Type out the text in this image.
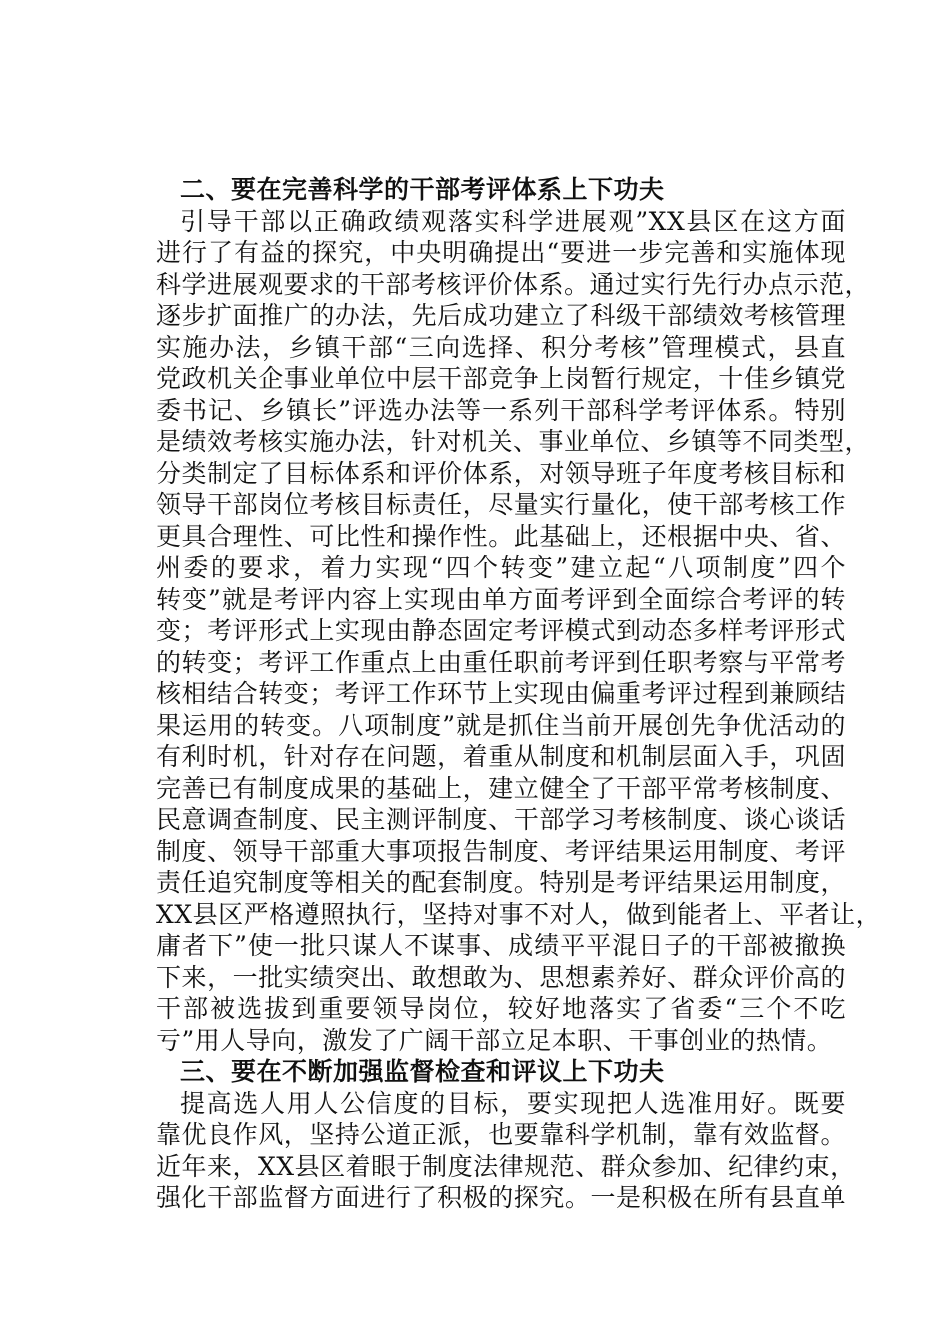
二、要在完善科学的干部考评体系上下功夫
引导干部以正确政绩观落实科学进展观”XX县区在这方面
进行了有益的探究，中央明确提出“要进一步完善和实施体现
科学进展观要求的干部考核评价体系。通过实行先行办点示范，
逐步扩面推广的办法，先后成功建立了科级干部绩效考核管理
实施办法，乡镇干部“三向选择、积分考核”管理模式，县直
党政机关企事业单位中层干部竞争上岗暂行规定，十佳乡镇党
委书记、乡镇长”评选办法等一系列干部科学考评体系。特别
是绩效考核实施办法，针对机关、事业单位、乡镇等不同类型，
分类制定了目标体系和评价体系，对领导班子年度考核目标和
领导干部岗位考核目标责任，尽量实行量化，使干部考核工作
更具合理性、可比性和操作性。此基础上，还根据中央、省、
州委的要求，着力实现“四个转变”建立起“八项制度”四个
转变”就是考评内容上实现由单方面考评到全面综合考评的转
变；考评形式上实现由静态固定考评模式到动态多样考评形式
的转变；考评工作重点上由重任职前考评到任职考察与平常考
核相结合转变；考评工作环节上实现由偏重考评过程到兼顾结
果运用的转变。八项制度”就是抓住当前开展创先争优活动的
有利时机，针对存在问题，着重从制度和机制层面入手，巩固
完善已有制度成果的基础上，建立健全了干部平常考核制度、
民意调查制度、民主测评制度、干部学习考核制度、谈心谈话
制度、领导干部重大事项报告制度、考评结果运用制度、考评
责任追究制度等相关的配套制度。特别是考评结果运用制度，
XX县区严格遵照执行，坚持对事不对人，做到能者上、平者让，
庸者下”使一批只谋人不谋事、成绩平平混日子的干部被撤换
下来，一批实绩突出、敢想敢为、思想素养好、群众评价高的
干部被选拔到重要领导岗位，较好地落实了省委“三个不吃
亏”用人导向，激发了广阔干部立足本职、干事创业的热情。
三、要在不断加强监督检查和评议上下功夫
提高选人用人公信度的目标，要实现把人选准用好。既要
靠优良作风，坚持公道正派，也要靠科学机制，靠有效监督。
近年来，XX县区着眼于制度法律规范、群众参加、纪律约束，
强化干部监督方面进行了积极的探究。一是积极在所有县直单
